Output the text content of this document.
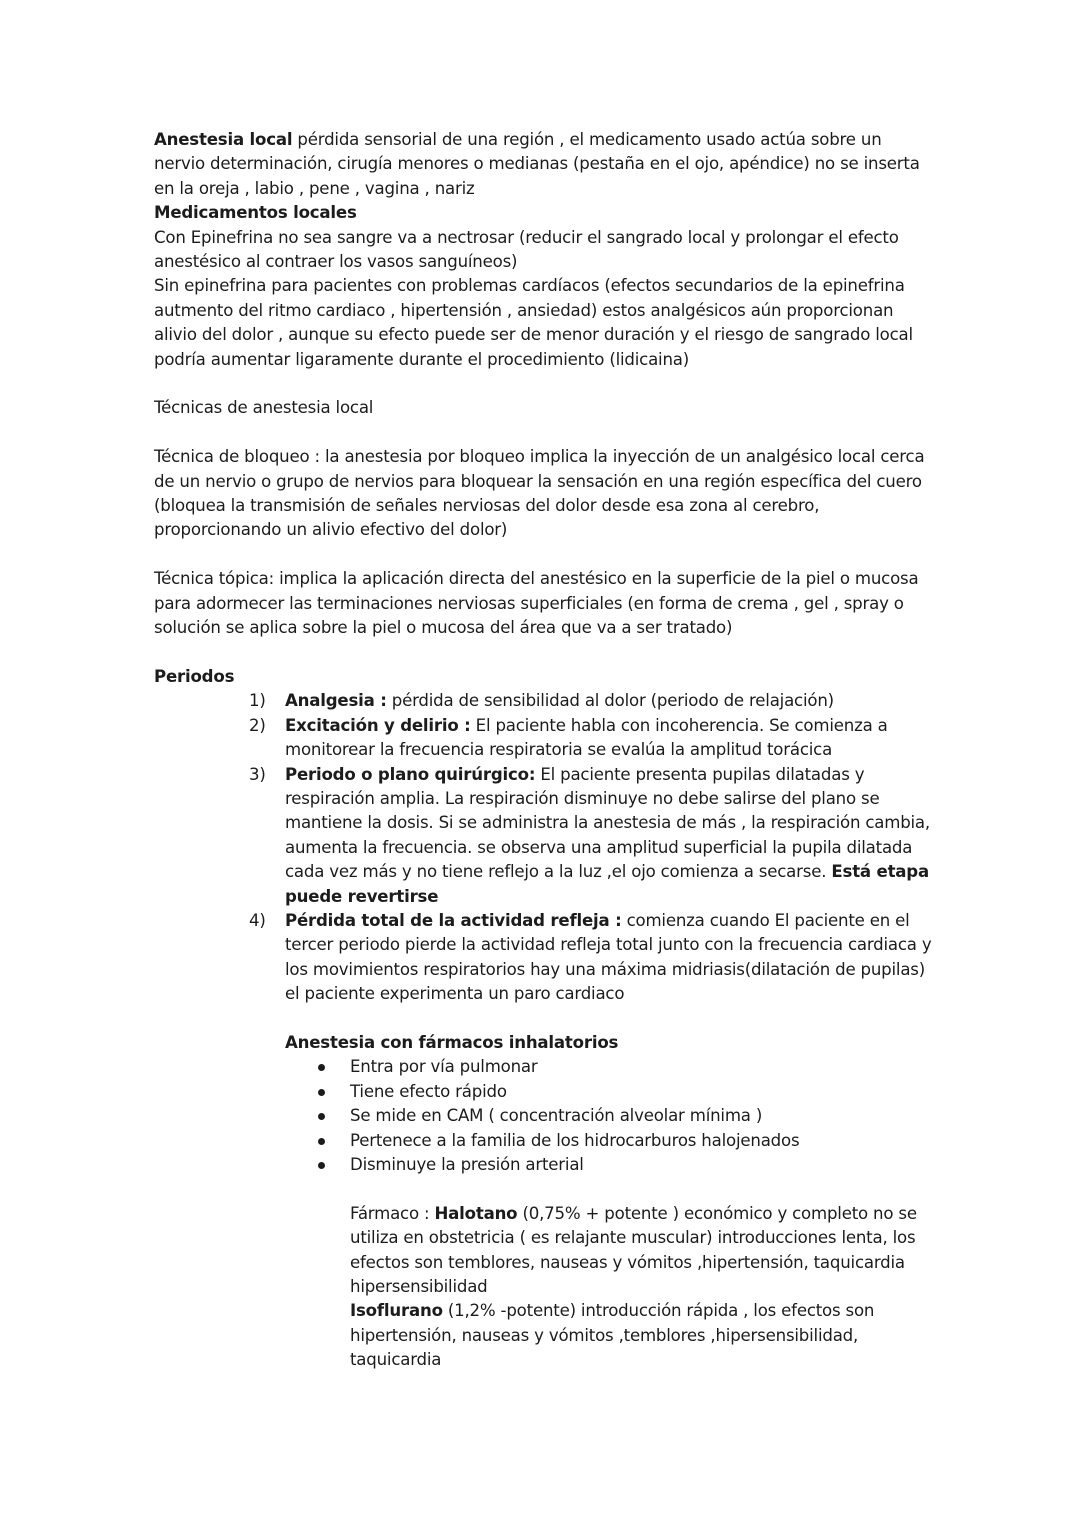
Anestesia local pérdida sensorial de una región , el medicamento usado actúa sobre un nervio determinación, cirugía menores o medianas (pestaña en el ojo, apéndice) no se inserta en la oreja , labio , pene , vagina , nariz

Medicamentos locales

Con Epinefrina no sea sangre va a nectrosar (reducir el sangrado local y prolongar el efecto anestésico al contraer los vasos sanguíneos)

Sin epinefrina para pacientes con problemas cardíacos (efectos secundarios de la epinefrina autmento del ritmo cardiaco , hipertensión , ansiedad) estos analgésicos aún proporcionan alivio del dolor , aunque su efecto puede ser de menor duración y el riesgo de sangrado local podría aumentar ligaramente durante el procedimiento (lidicaina)

Técnicas de anestesia local

Técnica de bloqueo : la anestesia por bloqueo implica la inyección de un analgésico local cerca de un nervio o grupo de nervios para bloquear la sensación en una región específica del cuero (bloquea la transmisión de señales nerviosas del dolor desde esa zona al cerebro, proporcionando un alivio efectivo del dolor)

Técnica tópica: implica la aplicación directa del anestésico en la superficie de la piel o mucosa para adormecer las terminaciones nerviosas superficiales (en forma de crema , gel , spray o solución se aplica sobre la piel o mucosa del área que va a ser tratado)

Periodos

1) Analgesia : pérdida de sensibilidad al dolor (periodo de relajación)
2) Excitación y delirio : El paciente habla con incoherencia. Se comienza a monitorear la frecuencia respiratoria se evalúa la amplitud torácica
3) Periodo o plano quirúrgico: El paciente presenta pupilas dilatadas y respiración amplia. La respiración disminuye no debe salirse del plano se mantiene la dosis. Si se administra la anestesia de más , la respiración cambia, aumenta la frecuencia. se observa una amplitud superficial la pupila dilatada cada vez más y no tiene reflejo a la luz ,el ojo comienza a secarse. Está etapa puede revertirse
4) Pérdida total de la actividad refleja : comienza cuando El paciente en el tercer periodo pierde la actividad refleja total junto con la frecuencia cardiaca y los movimientos respiratorios hay una máxima midriasis(dilatación de pupilas) el paciente experimenta un paro cardiaco

Anestesia con fármacos inhalatorios

Entra por vía pulmonar
Tiene efecto rápido
Se mide en CAM ( concentración alveolar mínima )
Pertenece a la familia de los hidrocarburos halojenados
Disminuye la presión arterial

Fármaco : Halotano (0,75% + potente ) económico y completo no se utiliza en obstetricia ( es relajante muscular) introducciones lenta, los efectos son temblores, nauseas y vómitos ,hipertensión, taquicardia hipersensibilidad

Isoflurano (1,2% -potente) introducción rápida , los efectos son hipertensión, nauseas y vómitos ,temblores ,hipersensibilidad, taquicardia
